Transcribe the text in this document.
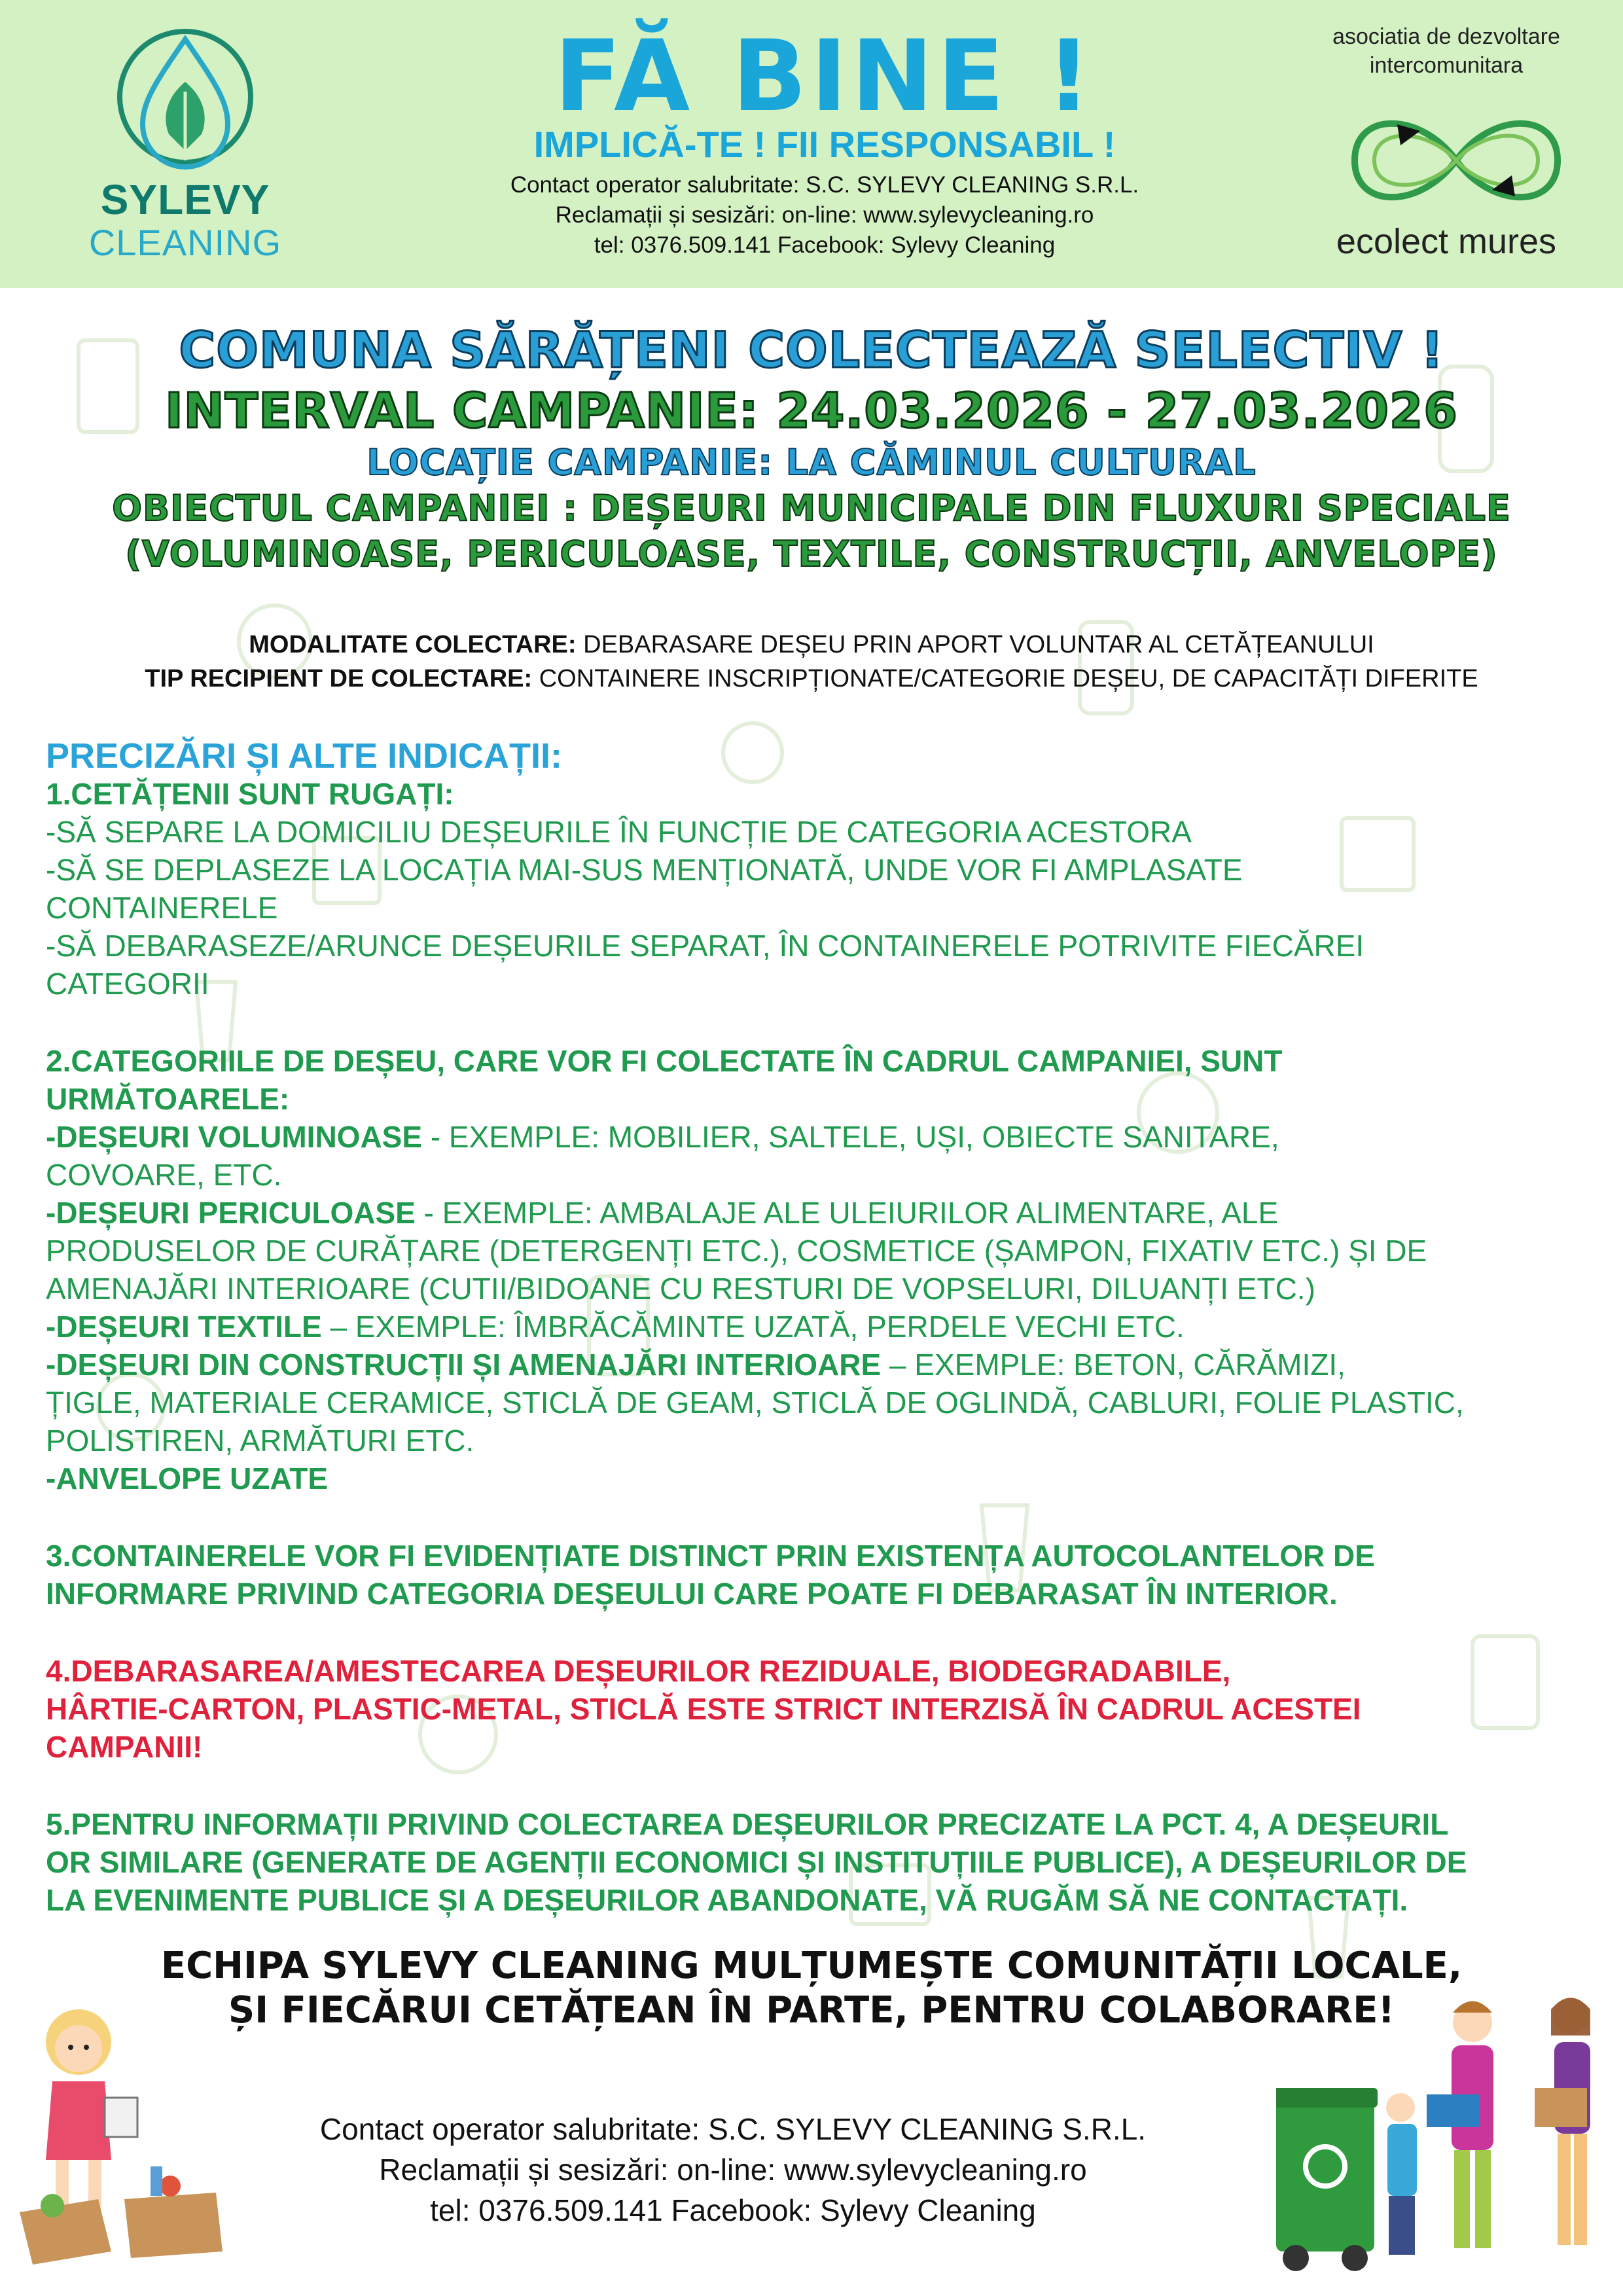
SYLEVY
CLEANING
FĂ BINE !
IMPLICĂ-TE ! FII RESPONSABIL !
Contact operator salubritate: S.C. SYLEVY CLEANING S.R.L.
Reclamații și sesizări: on-line: www.sylevycleaning.ro
tel: 0376.509.141 Facebook: Sylevy Cleaning
asociatia de dezvoltare
intercomunitara
ecolect mures
COMUNA SĂRĂȚENI COLECTEAZĂ SELECTIV !
INTERVAL CAMPANIE: 24.03.2026 - 27.03.2026
LOCAȚIE CAMPANIE: LA CĂMINUL CULTURAL
OBIECTUL CAMPANIEI : DEȘEURI MUNICIPALE DIN FLUXURI SPECIALE
(VOLUMINOASE, PERICULOASE, TEXTILE, CONSTRUCȚII, ANVELOPE)
MODALITATE COLECTARE: DEBARASARE DEȘEU PRIN APORT VOLUNTAR AL CETĂȚEANULUI
TIP RECIPIENT DE COLECTARE: CONTAINERE INSCRIPȚIONATE/CATEGORIE DEȘEU, DE CAPACITĂȚI DIFERITE
PRECIZĂRI ȘI ALTE INDICAȚII:
1.CETĂȚENII SUNT RUGAȚI:
-SĂ SEPARE LA DOMICILIU DEȘEURILE ÎN FUNCȚIE DE CATEGORIA ACESTORA
-SĂ SE DEPLASEZE LA LOCAȚIA MAI-SUS MENȚIONATĂ, UNDE VOR FI AMPLASATE
CONTAINERELE
-SĂ DEBARASEZE/ARUNCE DEȘEURILE SEPARAT, ÎN CONTAINERELE POTRIVITE FIECĂREI
CATEGORII
2.CATEGORIILE DE DEȘEU, CARE VOR FI COLECTATE ÎN CADRUL CAMPANIEI, SUNT
URMĂTOARELE:
-DEȘEURI VOLUMINOASE - EXEMPLE: MOBILIER, SALTELE, UȘI, OBIECTE SANITARE,
COVOARE, ETC.
-DEȘEURI PERICULOASE - EXEMPLE: AMBALAJE ALE ULEIURILOR ALIMENTARE, ALE
PRODUSELOR DE CURĂȚARE (DETERGENȚI ETC.), COSMETICE (ȘAMPON, FIXATIV ETC.) ȘI DE
AMENAJĂRI INTERIOARE (CUTII/BIDOANE CU RESTURI DE VOPSELURI, DILUANȚI ETC.)
-DEȘEURI TEXTILE – EXEMPLE: ÎMBRĂCĂMINTE UZATĂ, PERDELE VECHI ETC.
-DEȘEURI DIN CONSTRUCȚII ȘI AMENAJĂRI INTERIOARE – EXEMPLE: BETON, CĂRĂMIZI,
ȚIGLE, MATERIALE CERAMICE, STICLĂ DE GEAM, STICLĂ DE OGLINDĂ, CABLURI, FOLIE PLASTIC,
POLISTIREN, ARMĂTURI ETC.
-ANVELOPE UZATE
3.CONTAINERELE VOR FI EVIDENȚIATE DISTINCT PRIN EXISTENȚA AUTOCOLANTELOR DE
INFORMARE PRIVIND CATEGORIA DEȘEULUI CARE POATE FI DEBARASAT ÎN INTERIOR.
4.DEBARASAREA/AMESTECAREA DEȘEURILOR REZIDUALE, BIODEGRADABILE,
HÂRTIE-CARTON, PLASTIC-METAL, STICLĂ ESTE STRICT INTERZISĂ ÎN CADRUL ACESTEI
CAMPANII!
5.PENTRU INFORMAȚII PRIVIND COLECTAREA DEȘEURILOR PRECIZATE LA PCT. 4, A DEȘEURIL
OR SIMILARE (GENERATE DE AGENȚII ECONOMICI ȘI INSTITUȚIILE PUBLICE), A DEȘEURILOR DE
LA EVENIMENTE PUBLICE ȘI A DEȘEURILOR ABANDONATE, VĂ RUGĂM SĂ NE CONTACTAȚI.
ECHIPA SYLEVY CLEANING MULȚUMEȘTE COMUNITĂȚII LOCALE,
ȘI FIECĂRUI CETĂȚEAN ÎN PARTE, PENTRU COLABORARE!
Contact operator salubritate: S.C. SYLEVY CLEANING S.R.L.
Reclamații și sesizări: on-line: www.sylevycleaning.ro
tel: 0376.509.141 Facebook: Sylevy Cleaning
